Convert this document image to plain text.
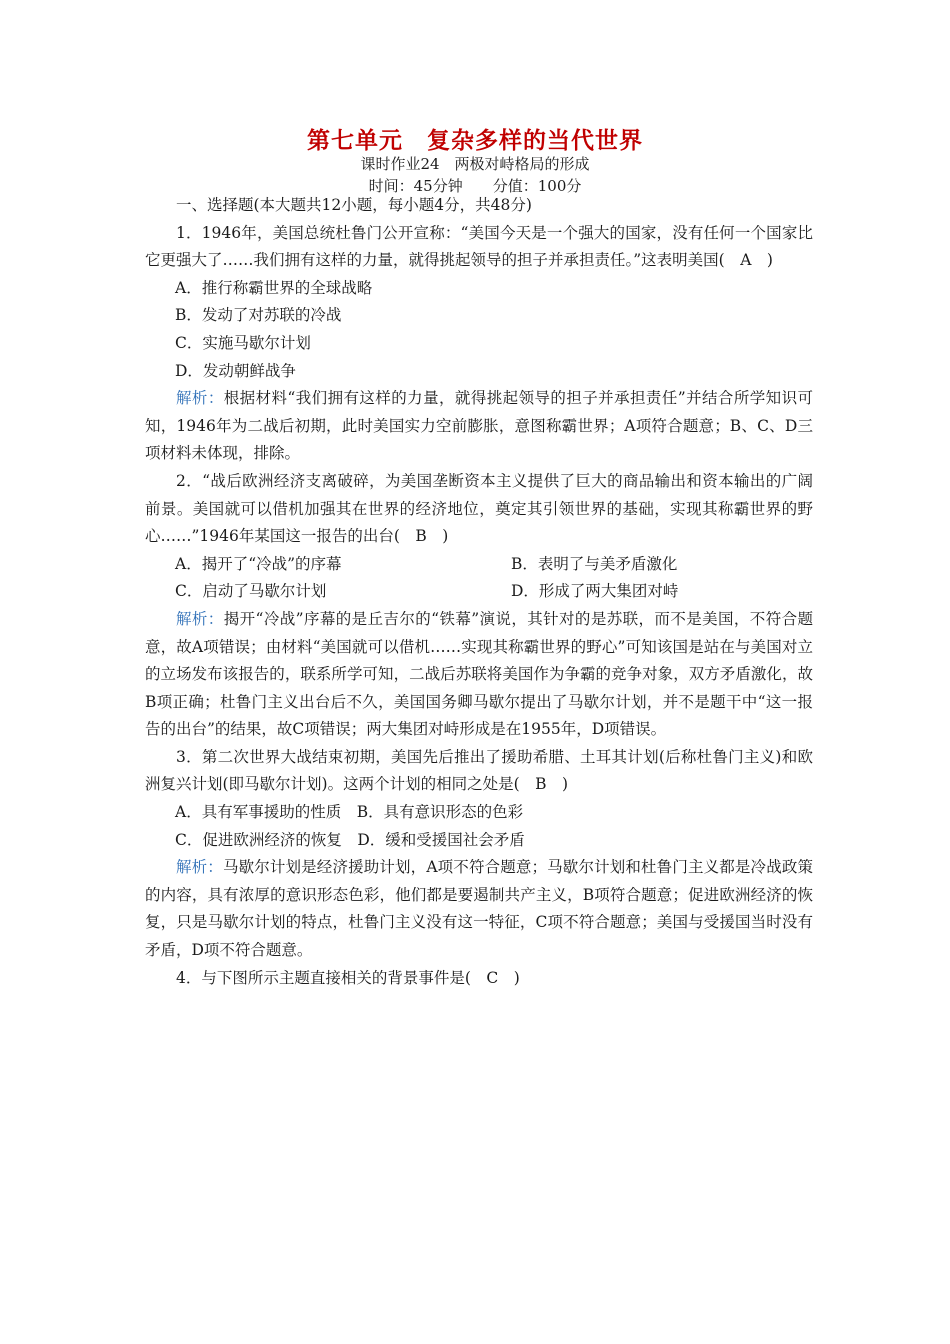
第七单元　复杂多样的当代世界
课时作业24　两极对峙格局的形成
时间：45分钟　　分值：100分

一、选择题(本大题共12小题，每小题4分，共48分)

1．1946年，美国总统杜鲁门公开宣称：“美国今天是一个强大的国家，没有任何一个国家比它更强大了……我们拥有这样的力量，就得挑起领导的担子并承担责任。”这表明美国(　A　)

A．推行称霸世界的全球战略

B．发动了对苏联的冷战

C．实施马歇尔计划

D．发动朝鲜战争

解析：根据材料“我们拥有这样的力量，就得挑起领导的担子并承担责任”并结合所学知识可知，1946年为二战后初期，此时美国实力空前膨胀，意图称霸世界；A项符合题意；B、C、D三项材料未体现，排除。

2．“战后欧洲经济支离破碎，为美国垄断资本主义提供了巨大的商品输出和资本输出的广阔前景。美国就可以借机加强其在世界的经济地位，奠定其引领世界的基础，实现其称霸世界的野心……”1946年某国这一报告的出台(　B　)

A．揭开了“冷战”的序幕	B．表明了与美矛盾激化
C．启动了马歇尔计划	D．形成了两大集团对峙

解析：揭开“冷战”序幕的是丘吉尔的“铁幕”演说，其针对的是苏联，而不是美国，不符合题意，故A项错误；由材料“美国就可以借机……实现其称霸世界的野心”可知该国是站在与美国对立的立场发布该报告的，联系所学可知，二战后苏联将美国作为争霸的竞争对象，双方矛盾激化，故B项正确；杜鲁门主义出台后不久，美国国务卿马歇尔提出了马歇尔计划，并不是题干中“这一报告的出台”的结果，故C项错误；两大集团对峙形成是在1955年，D项错误。

3．第二次世界大战结束初期，美国先后推出了援助希腊、土耳其计划(后称杜鲁门主义)和欧洲复兴计划(即马歇尔计划)。这两个计划的相同之处是(　B　)

A．具有军事援助的性质　B．具有意识形态的色彩

C．促进欧洲经济的恢复　D．缓和受援国社会矛盾

解析：马歇尔计划是经济援助计划，A项不符合题意；马歇尔计划和杜鲁门主义都是冷战政策的内容，具有浓厚的意识形态色彩，他们都是要遏制共产主义，B项符合题意；促进欧洲经济的恢复，只是马歇尔计划的特点，杜鲁门主义没有这一特征，C项不符合题意；美国与受援国当时没有矛盾，D项不符合题意。

4．与下图所示主题直接相关的背景事件是(　C　)
